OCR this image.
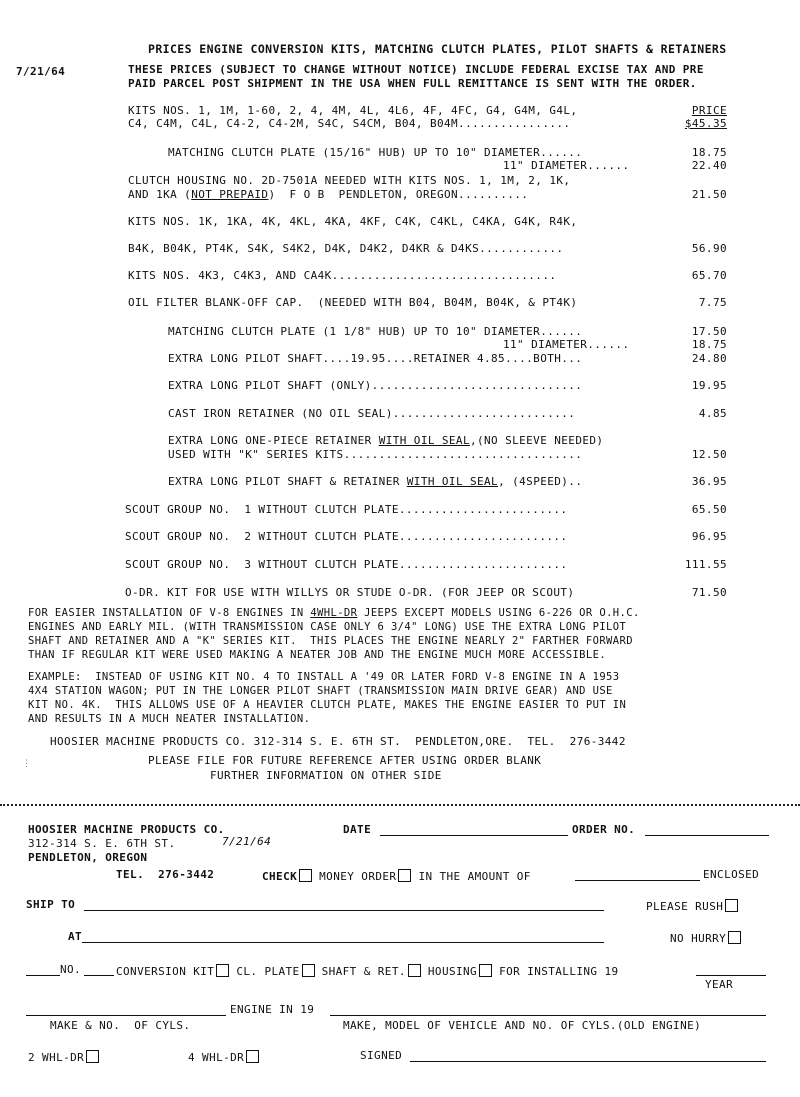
PRICES ENGINE CONVERSION KITS, MATCHING CLUTCH PLATES, PILOT SHAFTS & RETAINERS
7/21/64	THESE PRICES (SUBJECT TO CHANGE WITHOUT NOTICE) INCLUDE FEDERAL EXCISE TAX AND PRE
PAID PARCEL POST SHIPMENT IN THE USA WHEN FULL REMITTANCE IS SENT WITH THE ORDER.
KITS NOS. 1, 1M, 1-60, 2, 4, 4M, 4L, 4L6, 4F, 4FC, G4, G4M, G4L,	PRICE
C4, C4M, C4L, C4-2, C4-2M, S4C, S4CM, B04, B04M................	$45.35
MATCHING CLUTCH PLATE (15/16" HUB) UP TO 10" DIAMETER......	18.75
11" DIAMETER......	22.40
CLUTCH HOUSING NO. 2D-7501A NEEDED WITH KITS NOS. 1, 1M, 2, 1K,
AND 1KA (NOT PREPAID)  F O B  PENDLETON, OREGON..........	21.50
KITS NOS. 1K, 1KA, 4K, 4KL, 4KA, 4KF, C4K, C4KL, C4KA, G4K, R4K,
B4K, B04K, PT4K, S4K, S4K2, D4K, D4K2, D4KR & D4KS............	56.90
KITS NOS. 4K3, C4K3, AND CA4K................................	65.70
OIL FILTER BLANK-OFF CAP.  (NEEDED WITH B04, B04M, B04K, & PT4K)	7.75
MATCHING CLUTCH PLATE (1 1/8" HUB) UP TO 10" DIAMETER......	17.50
11" DIAMETER......	18.75
EXTRA LONG PILOT SHAFT....19.95....RETAINER 4.85....BOTH...	24.80
EXTRA LONG PILOT SHAFT (ONLY)..............................	19.95
CAST IRON RETAINER (NO OIL SEAL)..........................	4.85
EXTRA LONG ONE-PIECE RETAINER WITH OIL SEAL,(NO SLEEVE NEEDED)
USED WITH "K" SERIES KITS..................................	12.50
EXTRA LONG PILOT SHAFT & RETAINER WITH OIL SEAL, (4SPEED)..	36.95
SCOUT GROUP NO.  1 WITHOUT CLUTCH PLATE........................	65.50
SCOUT GROUP NO.  2 WITHOUT CLUTCH PLATE........................	96.95
SCOUT GROUP NO.  3 WITHOUT CLUTCH PLATE........................	111.55
O-DR. KIT FOR USE WITH WILLYS OR STUDE O-DR. (FOR JEEP OR SCOUT)	71.50
FOR EASIER INSTALLATION OF V-8 ENGINES IN 4WHL-DR JEEPS EXCEPT MODELS USING 6-226 OR O.H.C.
ENGINES AND EARLY MIL. (WITH TRANSMISSION CASE ONLY 6 3/4" LONG) USE THE EXTRA LONG PILOT
SHAFT AND RETAINER AND A "K" SERIES KIT.  THIS PLACES THE ENGINE NEARLY 2" FARTHER FORWARD
THAN IF REGULAR KIT WERE USED MAKING A NEATER JOB AND THE ENGINE MUCH MORE ACCESSIBLE.
EXAMPLE:  INSTEAD OF USING KIT NO. 4 TO INSTALL A '49 OR LATER FORD V-8 ENGINE IN A 1953
4X4 STATION WAGON; PUT IN THE LONGER PILOT SHAFT (TRANSMISSION MAIN DRIVE GEAR) AND USE
KIT NO. 4K.  THIS ALLOWS USE OF A HEAVIER CLUTCH PLATE, MAKES THE ENGINE EASIER TO PUT IN
AND RESULTS IN A MUCH NEATER INSTALLATION.
HOOSIER MACHINE PRODUCTS CO. 312-314 S. E. 6TH ST.  PENDLETON,ORE.  TEL.  276-3442
PLEASE FILE FOR FUTURE REFERENCE AFTER USING ORDER BLANK
FURTHER INFORMATION ON OTHER SIDE
⋮
HOOSIER MACHINE PRODUCTS CO.
312-314 S. E. 6TH ST.	7/21/64
PENDLETON, OREGON
DATE	ORDER NO.
TEL.  276-3442	CHECK MONEY ORDER IN THE AMOUNT OF	ENCLOSED
SHIP TO	PLEASE RUSH
AT	NO HURRY
NO.	CONVERSION KIT CL. PLATE SHAFT & RET. HOUSING FOR INSTALLING 19
YEAR
ENGINE IN 19
MAKE & NO.  OF CYLS.	MAKE, MODEL OF VEHICLE AND NO. OF CYLS.(OLD ENGINE)
2 WHL-DR	4 WHL-DR	SIGNED
